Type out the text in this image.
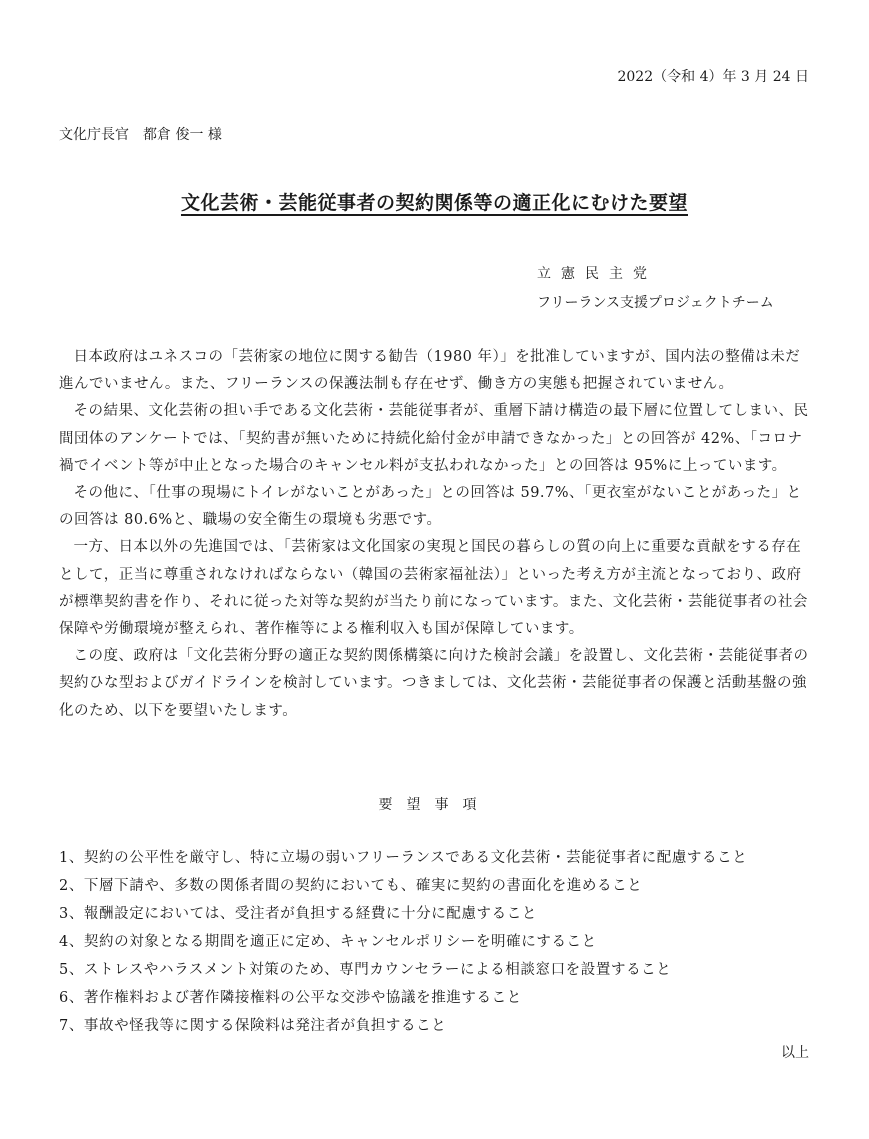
2022（令和 4）年 3 月 24 日
文化庁長官　都倉 俊一 様
文化芸術・芸能従事者の契約関係等の適正化にむけた要望
立憲民主党
フリーランス支援プロジェクトチーム

日本政府はユネスコの「芸術家の地位に関する勧告（1980 年）」を批准していますが、国内法の整備は未だ進んでいません。また、フリーランスの保護法制も存在せず、働き方の実態も把握されていません。

その結果、文化芸術の担い手である文化芸術・芸能従事者が、重層下請け構造の最下層に位置してしまい、民間団体のアンケートでは、「契約書が無いために持続化給付金が申請できなかった」との回答が 42%、「コロナ禍でイベント等が中止となった場合のキャンセル料が支払われなかった」との回答は 95%に上っています。

その他に、「仕事の現場にトイレがないことがあった」との回答は 59.7%、「更衣室がないことがあった」との回答は 80.6%と、職場の安全衛生の環境も劣悪です。

一方、日本以外の先進国では、「芸術家は文化国家の実現と国民の暮らしの質の向上に重要な貢献をする存在として，正当に尊重されなければならない（韓国の芸術家福祉法）」といった考え方が主流となっており、政府が標準契約書を作り、それに従った対等な契約が当たり前になっています。また、文化芸術・芸能従事者の社会保障や労働環境が整えられ、著作権等による権利収入も国が保障しています。

この度、政府は「文化芸術分野の適正な契約関係構築に向けた検討会議」を設置し、文化芸術・芸能従事者の契約ひな型およびガイドラインを検討しています。つきましては、文化芸術・芸能従事者の保護と活動基盤の強化のため、以下を要望いたします。

要望事項
1、契約の公平性を厳守し、特に立場の弱いフリーランスである文化芸術・芸能従事者に配慮すること
2、下層下請や、多数の関係者間の契約においても、確実に契約の書面化を進めること
3、報酬設定においては、受注者が負担する経費に十分に配慮すること
4、契約の対象となる期間を適正に定め、キャンセルポリシーを明確にすること
5、ストレスやハラスメント対策のため、専門カウンセラーによる相談窓口を設置すること
6、著作権料および著作隣接権料の公平な交渉や協議を推進すること
7、事故や怪我等に関する保険料は発注者が負担すること
以上
